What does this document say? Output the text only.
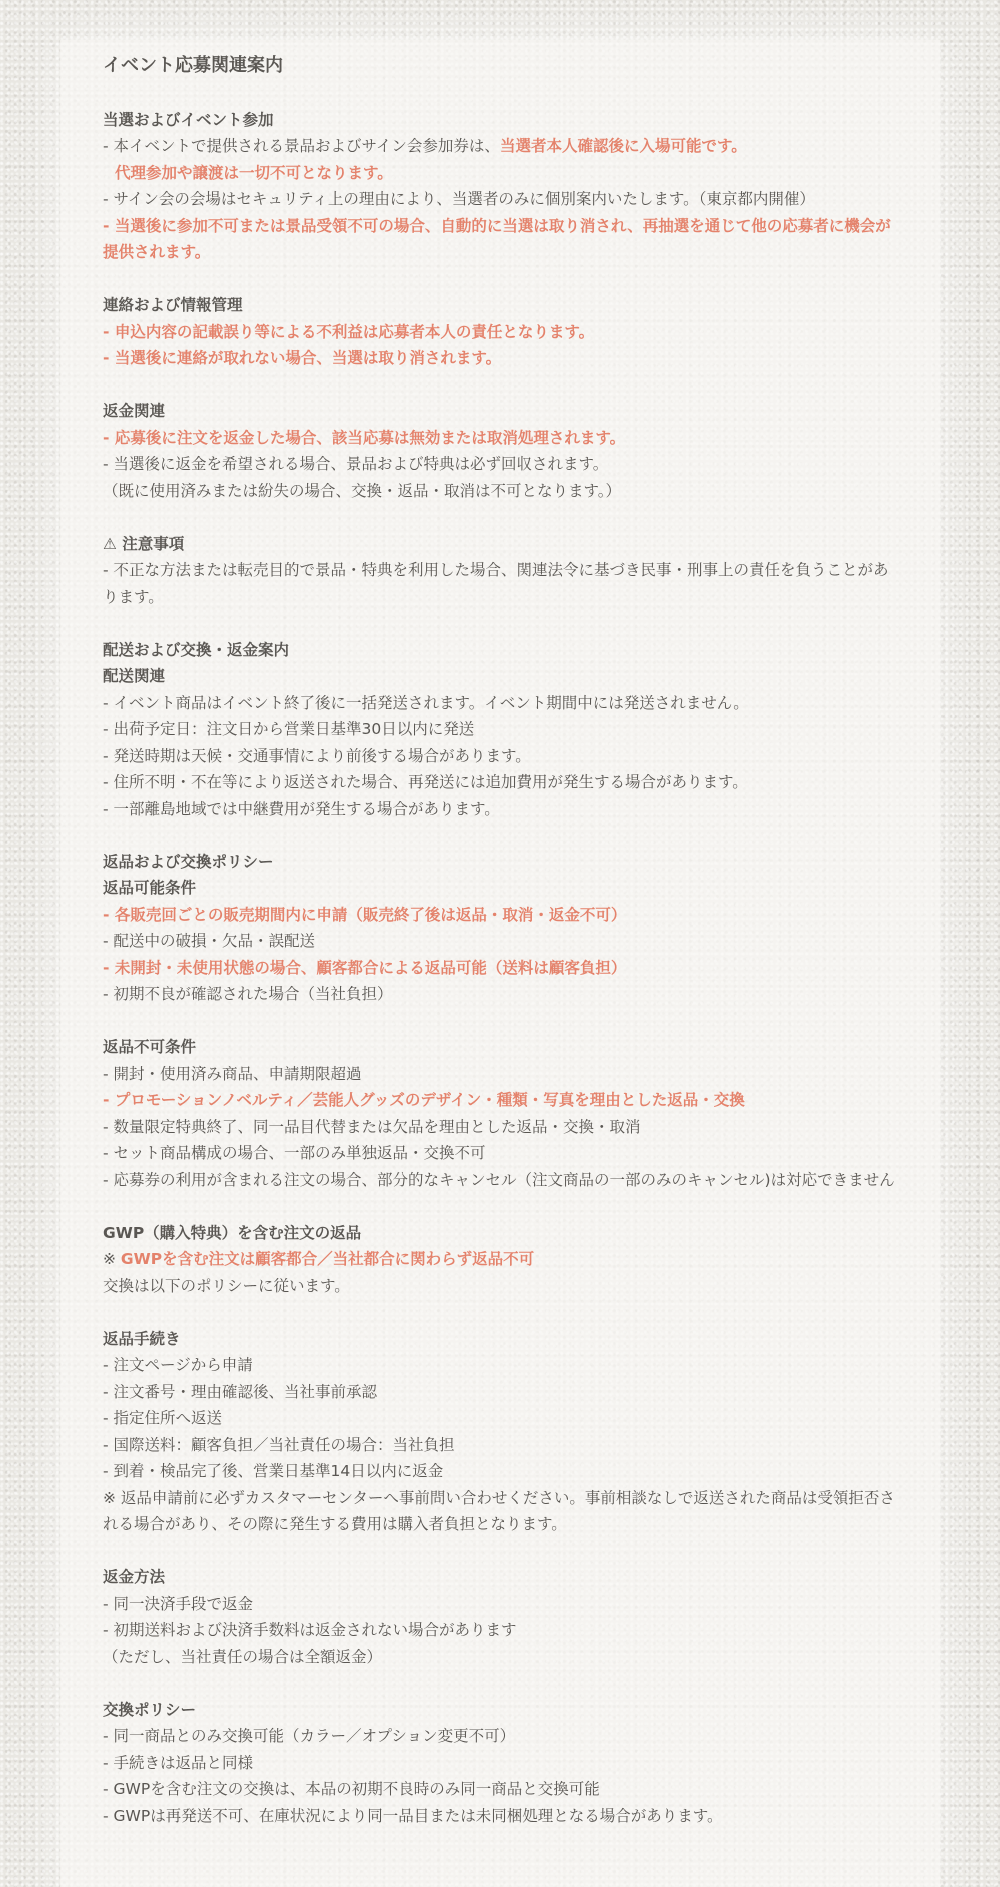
イベント応募関連案内
当選およびイベント参加
- 本イベントで提供される景品およびサイン会参加券は、当選者本人確認後に入場可能です。
代理参加や譲渡は一切不可となります。
- サイン会の会場はセキュリティ上の理由により、当選者のみに個別案内いたします。（東京都内開催）
- 当選後に参加不可または景品受領不可の場合、自動的に当選は取り消され、再抽選を通じて他の応募者に機会が提供されます。
連絡および情報管理
- 申込内容の記載誤り等による不利益は応募者本人の責任となります。
- 当選後に連絡が取れない場合、当選は取り消されます。
返金関連
- 応募後に注文を返金した場合、該当応募は無効または取消処理されます。
- 当選後に返金を希望される場合、景品および特典は必ず回収されます。
（既に使用済みまたは紛失の場合、交換・返品・取消は不可となります。）
⚠ 注意事項
- 不正な方法または転売目的で景品・特典を利用した場合、関連法令に基づき民事・刑事上の責任を負うことがあります。
配送および交換・返金案内
配送関連
- イベント商品はイベント終了後に一括発送されます。イベント期間中には発送されません。
- 出荷予定日：注文日から営業日基準30日以内に発送
- 発送時期は天候・交通事情により前後する場合があります。
- 住所不明・不在等により返送された場合、再発送には追加費用が発生する場合があります。
- 一部離島地域では中継費用が発生する場合があります。
返品および交換ポリシー
返品可能条件
- 各販売回ごとの販売期間内に申請（販売終了後は返品・取消・返金不可）
- 配送中の破損・欠品・誤配送
- 未開封・未使用状態の場合、顧客都合による返品可能（送料は顧客負担）
- 初期不良が確認された場合（当社負担）
返品不可条件
- 開封・使用済み商品、申請期限超過
- プロモーションノベルティ／芸能人グッズのデザイン・種類・写真を理由とした返品・交換
- 数量限定特典終了、同一品目代替または欠品を理由とした返品・交換・取消
- セット商品構成の場合、一部のみ単独返品・交換不可
- 応募券の利用が含まれる注文の場合、部分的なキャンセル（注文商品の一部のみのキャンセル)は対応できません
GWP（購入特典）を含む注文の返品
※ GWPを含む注文は顧客都合／当社都合に関わらず返品不可
交換は以下のポリシーに従います。
返品手続き
- 注文ページから申請
- 注文番号・理由確認後、当社事前承認
- 指定住所へ返送
- 国際送料：顧客負担／当社責任の場合：当社負担
- 到着・検品完了後、営業日基準14日以内に返金
※ 返品申請前に必ずカスタマーセンターへ事前問い合わせください。事前相談なしで返送された商品は受領拒否される場合があり、その際に発生する費用は購入者負担となります。
返金方法
- 同一決済手段で返金
- 初期送料および決済手数料は返金されない場合があります
（ただし、当社責任の場合は全額返金）
交換ポリシー
- 同一商品とのみ交換可能（カラー／オプション変更不可）
- 手続きは返品と同様
- GWPを含む注文の交換は、本品の初期不良時のみ同一商品と交換可能
- GWPは再発送不可、在庫状況により同一品目または未同梱処理となる場合があります。
